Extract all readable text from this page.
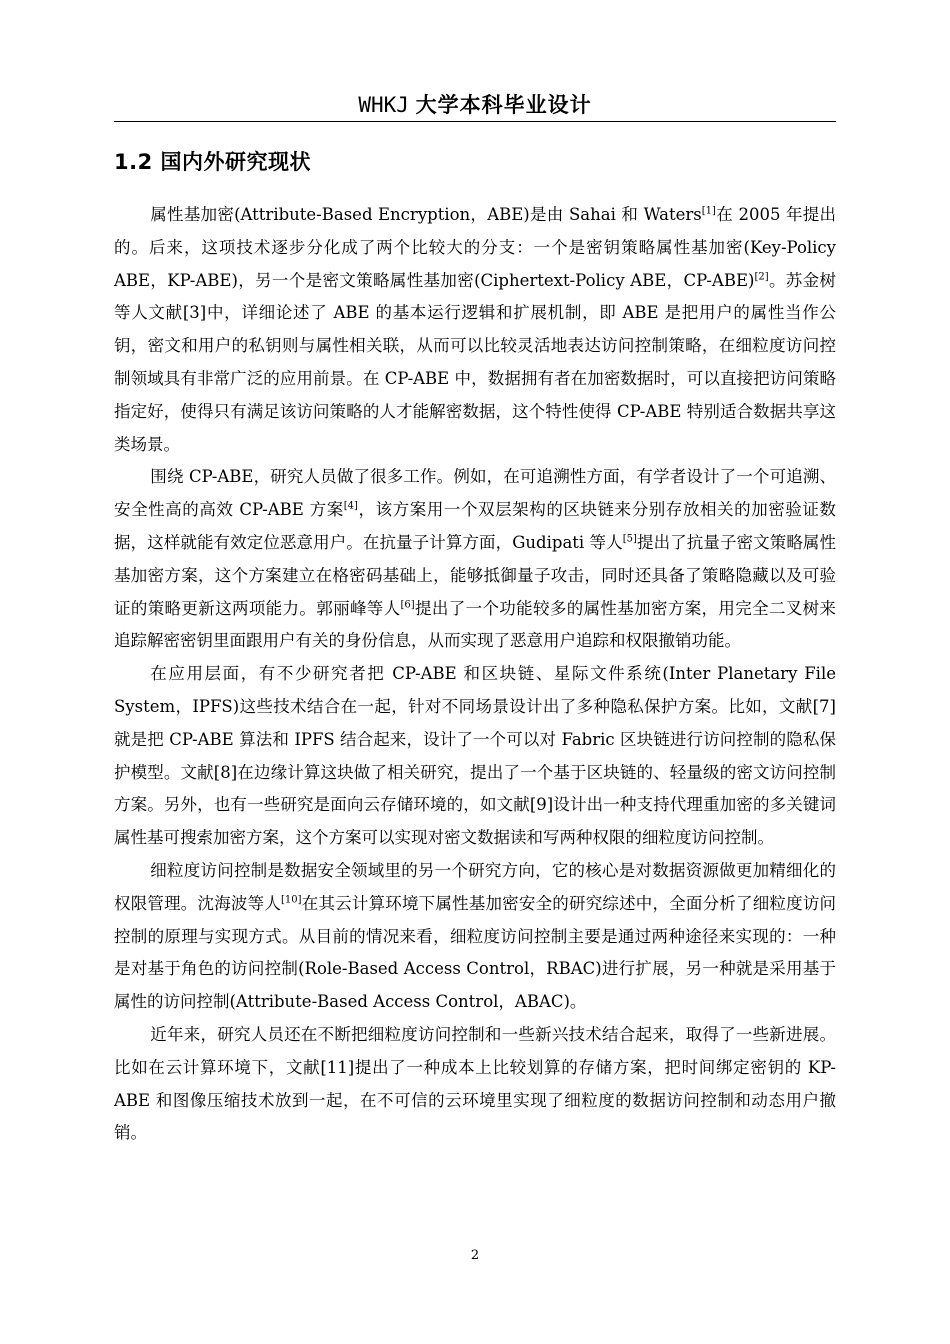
WHKJ 大学本科毕业设计
1.2 国内外研究现状

属性基加密(Attribute-Based Encryption，ABE)是由 Sahai 和 Waters[1]在 2005 年提出的。后来，这项技术逐步分化成了两个比较大的分支：一个是密钥策略属性基加密(Key-Policy ABE，KP-ABE)，另一个是密文策略属性基加密(Ciphertext-Policy ABE，CP-ABE)[2]。苏金树等人文献[3]中，详细论述了 ABE 的基本运行逻辑和扩展机制，即 ABE 是把用户的属性当作公钥，密文和用户的私钥则与属性相关联，从而可以比较灵活地表达访问控制策略，在细粒度访问控制领域具有非常广泛的应用前景。在 CP-ABE 中，数据拥有者在加密数据时，可以直接把访问策略指定好，使得只有满足该访问策略的人才能解密数据，这个特性使得 CP-ABE 特别适合数据共享这类场景。

围绕 CP-ABE，研究人员做了很多工作。例如，在可追溯性方面，有学者设计了一个可追溯、安全性高的高效 CP-ABE 方案[4]，该方案用一个双层架构的区块链来分别存放相关的加密验证数据，这样就能有效定位恶意用户。在抗量子计算方面，Gudipati 等人[5]提出了抗量子密文策略属性基加密方案，这个方案建立在格密码基础上，能够抵御量子攻击，同时还具备了策略隐藏以及可验证的策略更新这两项能力。郭丽峰等人[6]提出了一个功能较多的属性基加密方案，用完全二叉树来追踪解密密钥里面跟用户有关的身份信息，从而实现了恶意用户追踪和权限撤销功能。

在应用层面，有不少研究者把 CP-ABE 和区块链、星际文件系统(Inter Planetary File System，IPFS)这些技术结合在一起，针对不同场景设计出了多种隐私保护方案。比如，文献[7]就是把 CP-ABE 算法和 IPFS 结合起来，设计了一个可以对 Fabric 区块链进行访问控制的隐私保护模型。文献[8]在边缘计算这块做了相关研究，提出了一个基于区块链的、轻量级的密文访问控制方案。另外，也有一些研究是面向云存储环境的，如文献[9]设计出一种支持代理重加密的多关键词属性基可搜索加密方案，这个方案可以实现对密文数据读和写两种权限的细粒度访问控制。

细粒度访问控制是数据安全领域里的另一个研究方向，它的核心是对数据资源做更加精细化的权限管理。沈海波等人[10]在其云计算环境下属性基加密安全的研究综述中，全面分析了细粒度访问控制的原理与实现方式。从目前的情况来看，细粒度访问控制主要是通过两种途径来实现的：一种是对基于角色的访问控制(Role-Based Access Control，RBAC)进行扩展，另一种就是采用基于属性的访问控制(Attribute-Based Access Control，ABAC)。

近年来，研究人员还在不断把细粒度访问控制和一些新兴技术结合起来，取得了一些新进展。比如在云计算环境下，文献[11]提出了一种成本上比较划算的存储方案，把时间绑定密钥的 KP-ABE 和图像压缩技术放到一起，在不可信的云环境里实现了细粒度的数据访问控制和动态用户撤销。

2
